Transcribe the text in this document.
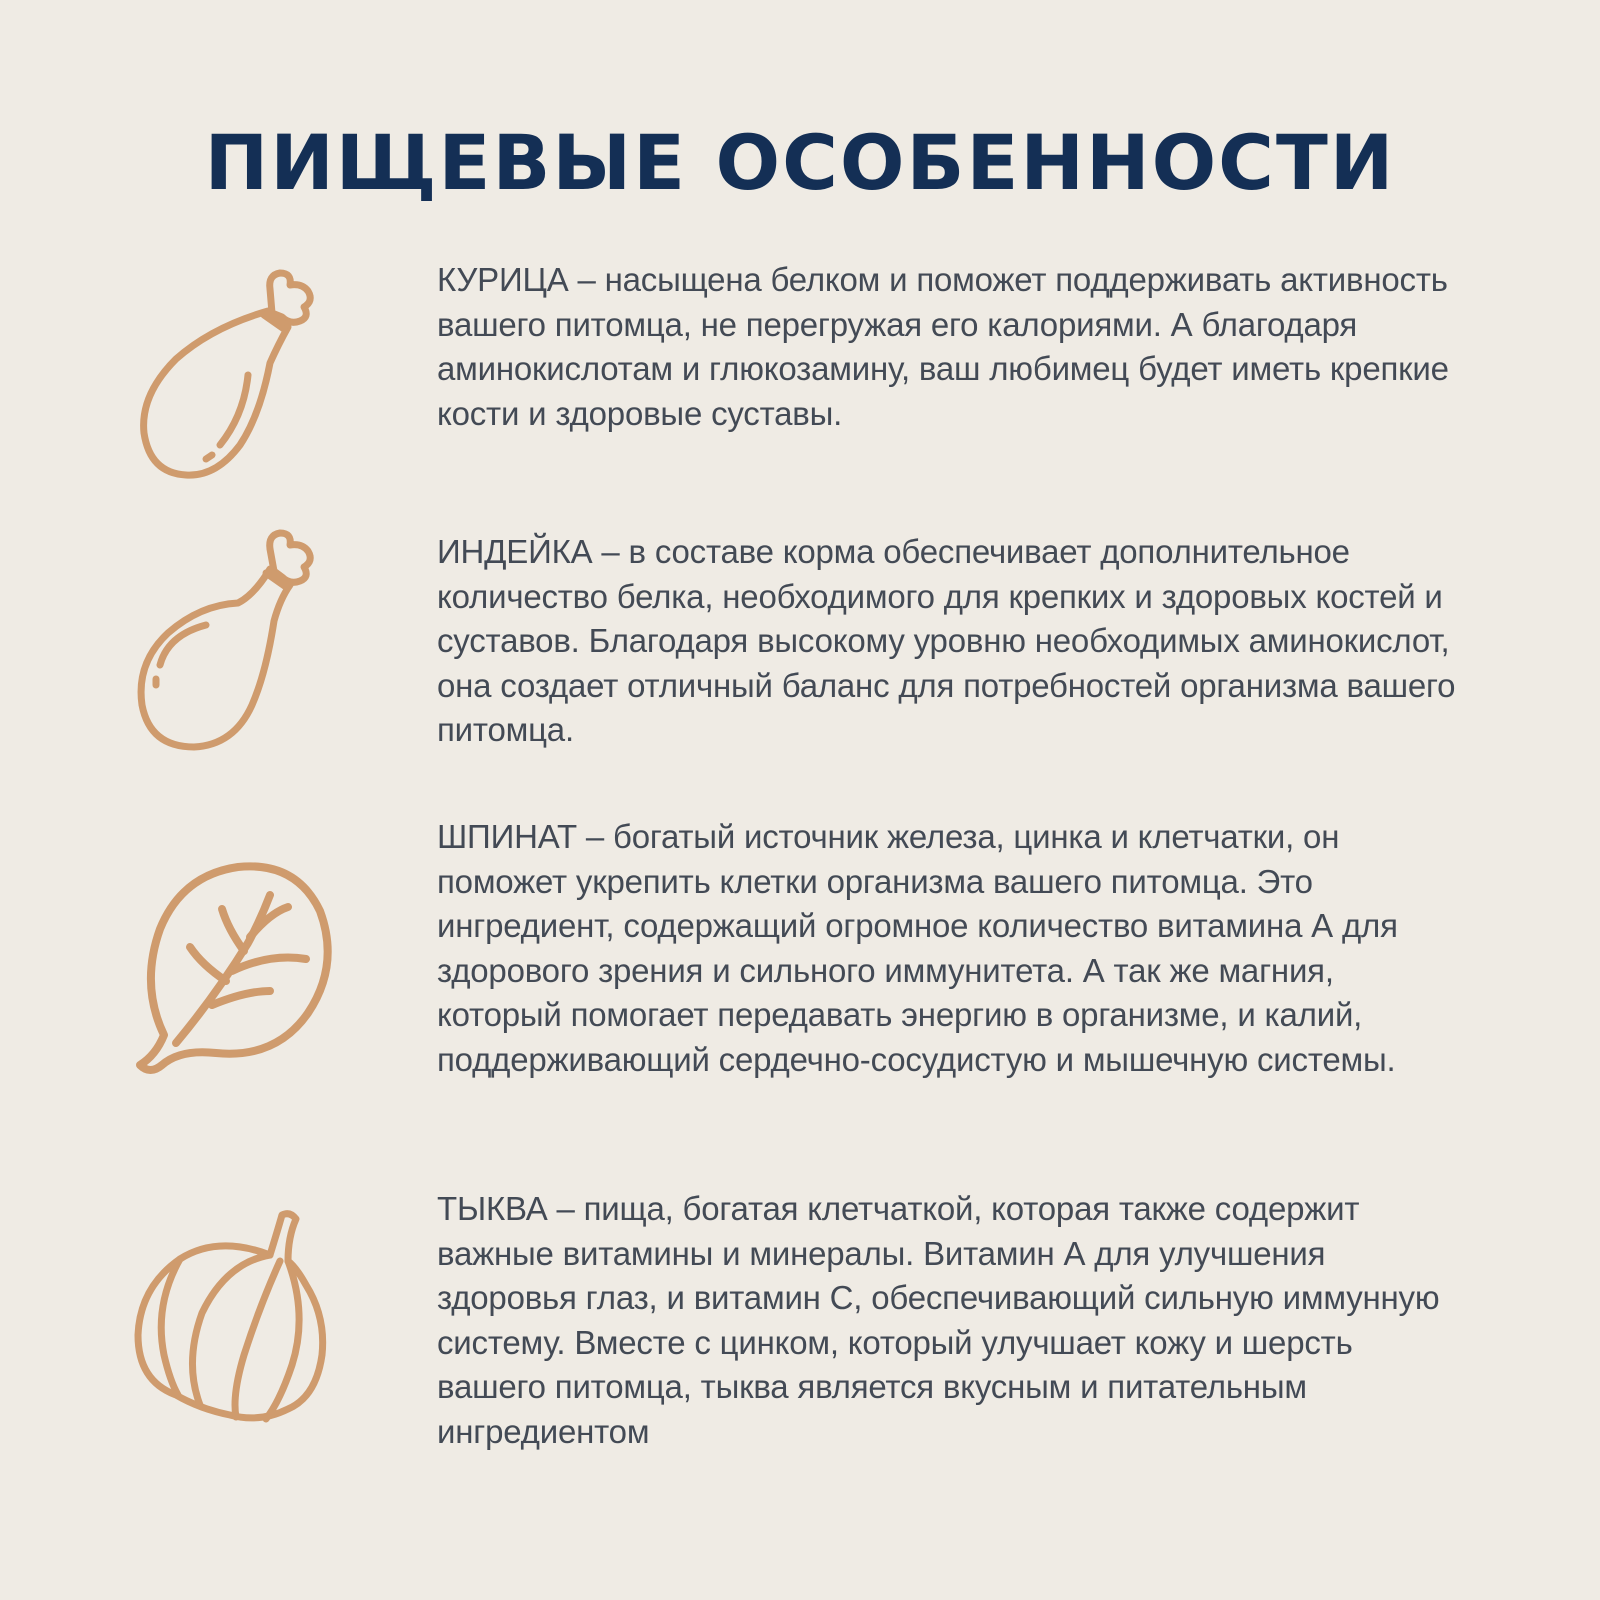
ПИЩЕВЫЕ ОСОБЕННОСТИ

КУРИЦА – насыщена белком и поможет поддерживать активность вашего питомца, не перегружая его калориями. А благодаря аминокислотам и глюкозамину, ваш любимец будет иметь крепкие кости и здоровые суставы.

ИНДЕЙКА – в составе корма обеспечивает дополнительное количество белка, необходимого для крепких и здоровых костей и суставов. Благодаря высокому уровню необходимых аминокислот, она создает отличный баланс для потребностей организма вашего питомца.

ШПИНАТ – богатый источник железа, цинка и клетчатки, он поможет укрепить клетки организма вашего питомца. Это ингредиент, содержащий огромное количество витамина А для здорового зрения и сильного иммунитета. А так же магния, который помогает передавать энергию в организме, и калий, поддерживающий сердечно-сосудистую и мышечную системы.

ТЫКВА – пища, богатая клетчаткой, которая также содержит важные витамины и минералы. Витамин А для улучшения здоровья глаз, и витамин С, обеспечивающий сильную иммунную систему. Вместе с цинком, который улучшает кожу и шерсть вашего питомца, тыква является вкусным и питательным ингредиентом
